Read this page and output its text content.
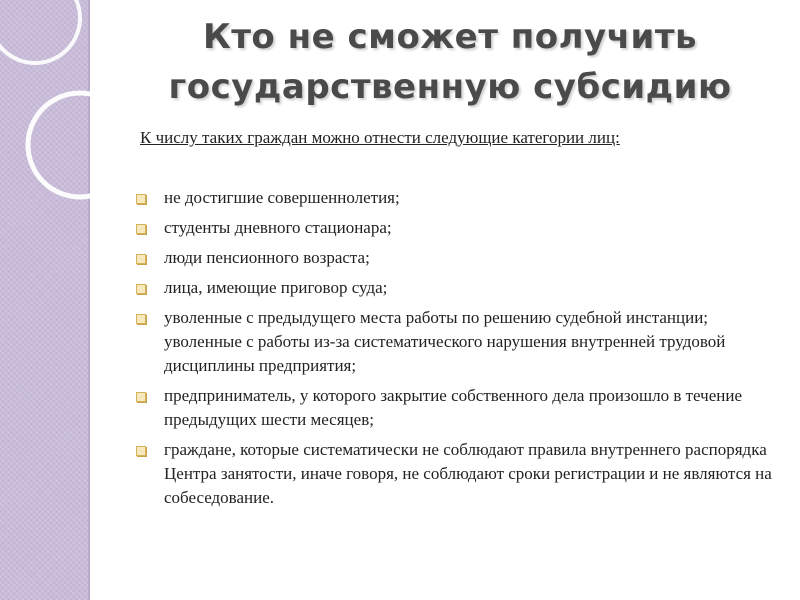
Кто не сможет получить
государственную субсидию
К числу таких граждан можно отнести следующие категории лиц:
не достигшие совершеннолетия;
студенты дневного стационара;
люди пенсионного возраста;
лица, имеющие приговор суда;
уволенные с предыдущего места работы по решению судебной инстанции; уволенные с работы из-за систематического нарушения внутренней трудовой дисциплины предприятия;
предприниматель, у которого закрытие собственного дела произошло в течение предыдущих шести месяцев;
граждане, которые систематически не соблюдают правила внутреннего распорядка Центра занятости, иначе говоря, не соблюдают сроки регистрации и не являются на собеседование.
